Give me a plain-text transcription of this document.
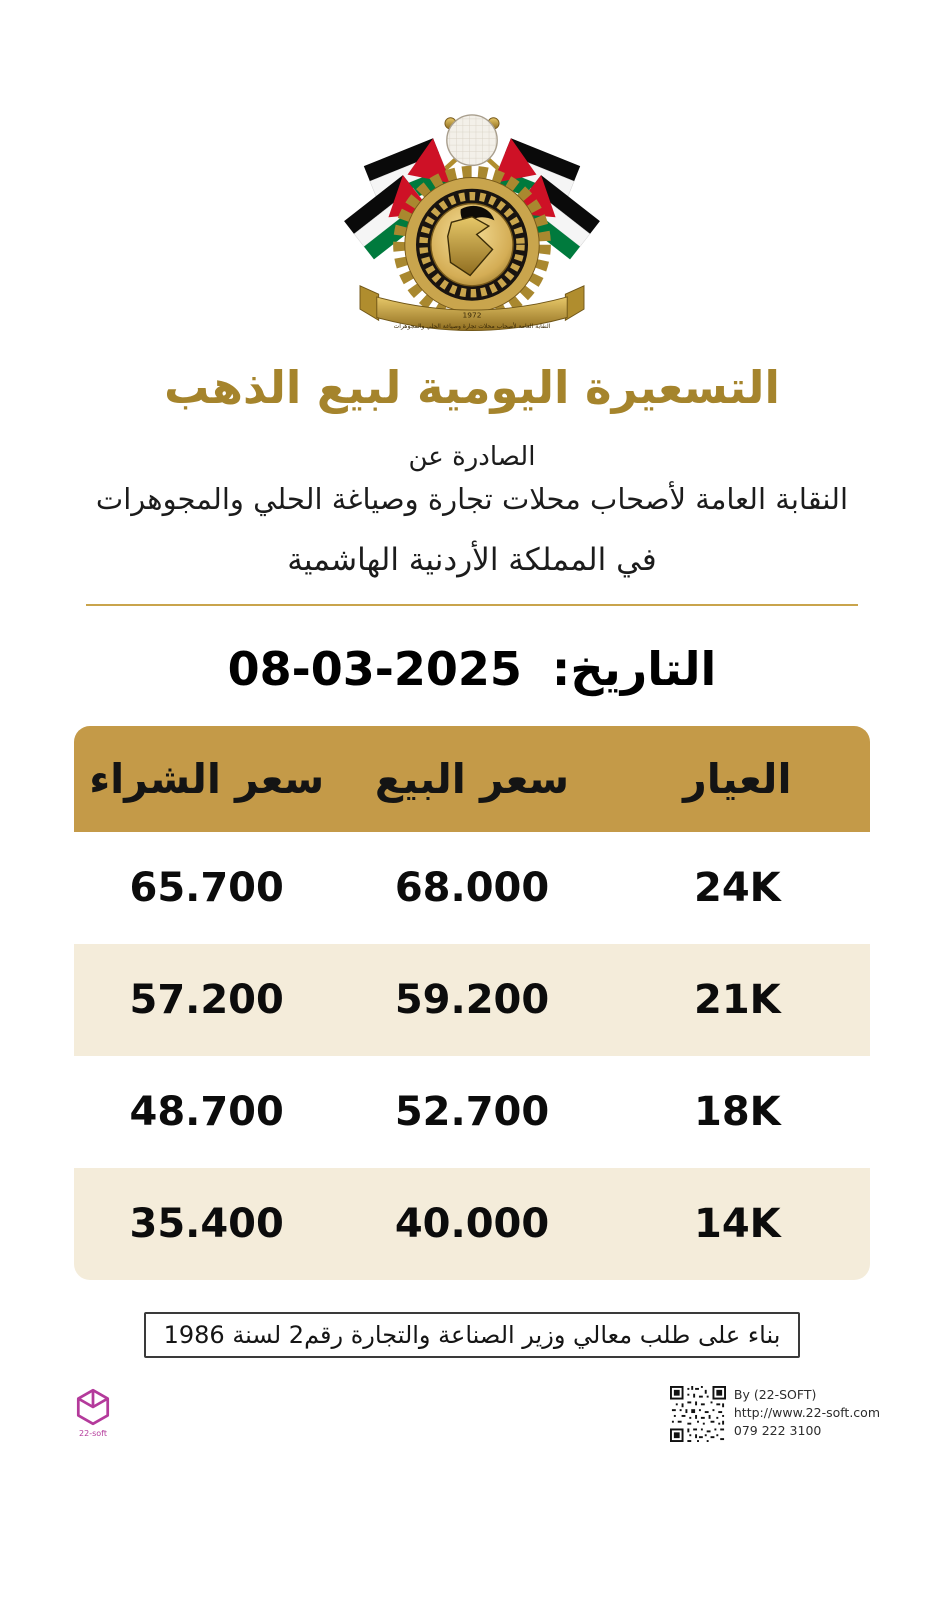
1972
النقابة العامة لأصحاب محلات تجارة وصياغة الحلي والمجوهرات
التسعيرة اليومية لبيع الذهب
الصادرة عن
النقابة العامة لأصحاب محلات تجارة وصياغة الحلي والمجوهرات
في المملكة الأردنية الهاشمية
التاريخ: 08-03-2025
العيار
سعر البيع
سعر الشراء
24K
68.000
65.700
21K
59.200
57.200
18K
52.700
48.700
14K
40.000
35.400
بناء على طلب معالي وزير الصناعة والتجارة رقم2 لسنة 1986
22-soft
By (22-SOFT)
http://www.22-soft.com
079 222 3100
